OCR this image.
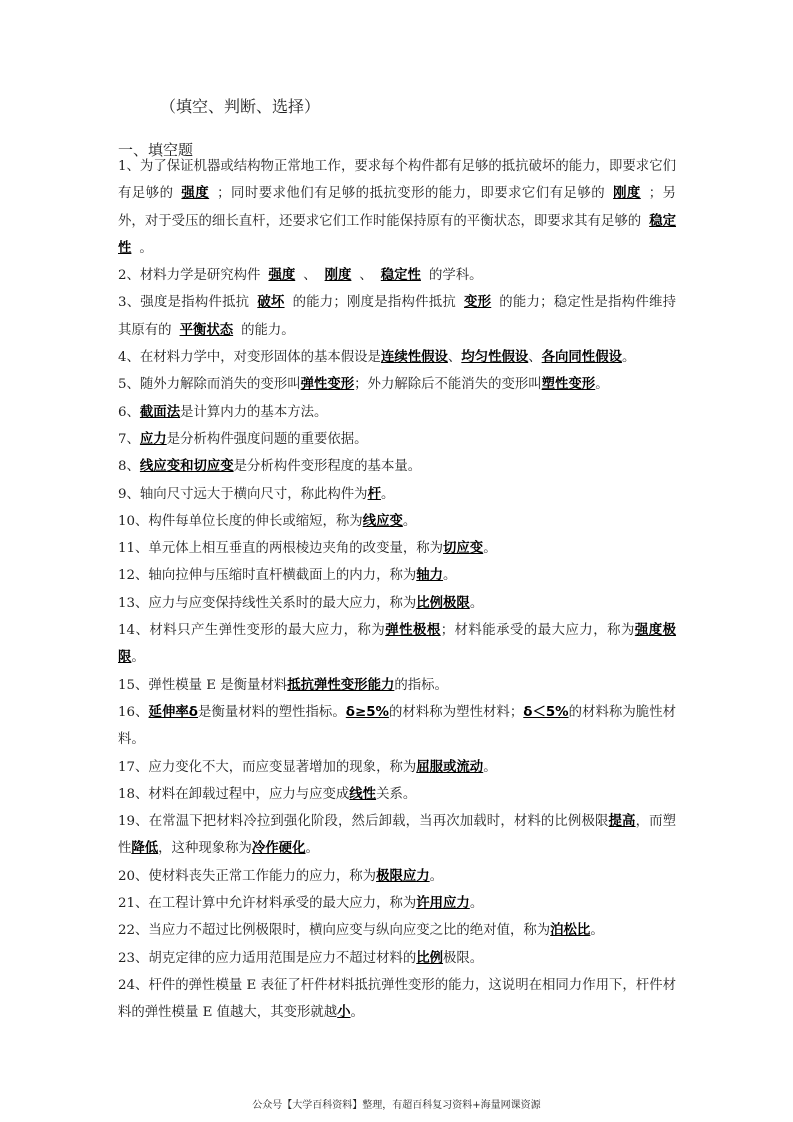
（填空、判断、选择）
一、填空题

1、为了保证机器或结构物正常地工作，要求每个构件都有足够的抵抗破坏的能力，即要求它们有足够的 强度 ；同时要求他们有足够的抵抗变形的能力，即要求它们有足够的 刚度 ；另外，对于受压的细长直杆，还要求它们工作时能保持原有的平衡状态，即要求其有足够的 稳定性 。

2、材料力学是研究构件 强度 、 刚度 、 稳定性 的学科。

3、强度是指构件抵抗 破坏 的能力；刚度是指构件抵抗 变形 的能力；稳定性是指构件维持其原有的 平衡状态 的能力。

4、在材料力学中，对变形固体的基本假设是连续性假设、均匀性假设、各向同性假设。

5、随外力解除而消失的变形叫弹性变形；外力解除后不能消失的变形叫塑性变形。

6、截面法是计算内力的基本方法。

7、应力是分析构件强度问题的重要依据。

8、线应变和切应变是分析构件变形程度的基本量。

9、轴向尺寸远大于横向尺寸，称此构件为杆。

10、构件每单位长度的伸长或缩短，称为线应变。

11、单元体上相互垂直的两根棱边夹角的改变量，称为切应变。

12、轴向拉伸与压缩时直杆横截面上的内力，称为轴力。

13、应力与应变保持线性关系时的最大应力，称为比例极限。

14、材料只产生弹性变形的最大应力，称为弹性极根；材料能承受的最大应力，称为强度极限。

15、弹性模量 E 是衡量材料抵抗弹性变形能力的指标。

16、延伸率δ是衡量材料的塑性指标。δ≥5%的材料称为塑性材料；δ＜5%的材料称为脆性材料。

17、应力变化不大，而应变显著增加的现象，称为屈服或流动。

18、材料在卸载过程中，应力与应变成线性关系。

19、在常温下把材料冷拉到强化阶段，然后卸载，当再次加载时，材料的比例极限提高，而塑性降低，这种现象称为冷作硬化。

20、使材料丧失正常工作能力的应力，称为极限应力。

21、在工程计算中允许材料承受的最大应力，称为许用应力。

22、当应力不超过比例极限时，横向应变与纵向应变之比的绝对值，称为泊松比。

23、胡克定律的应力适用范围是应力不超过材料的比例极限。

24、杆件的弹性模量 E 表征了杆件材料抵抗弹性变形的能力，这说明在相同力作用下，杆件材料的弹性模量 E 值越大，其变形就越小。

公众号【大学百科资料】整理，有超百科复习资料+海量网课资源
